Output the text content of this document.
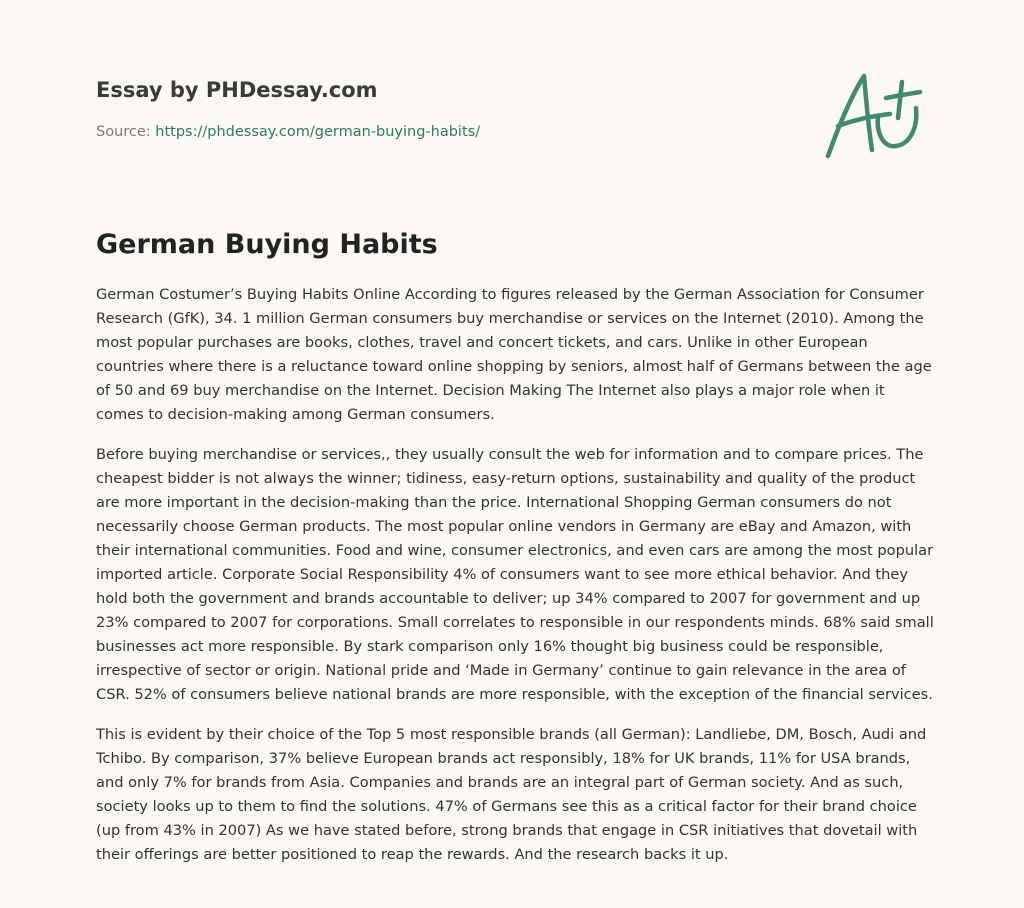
Essay by PHDessay.com

Source: https://phdessay.com/german-buying-habits/
German Buying Habits

German Costumer’s Buying Habits Online According to figures released by the German Association for Consumer Research (GfK), 34. 1 million German consumers buy merchandise or services on the Internet (2010). Among the most popular purchases are books, clothes, travel and concert tickets, and cars. Unlike in other European countries where there is a reluctance toward online shopping by seniors, almost half of Germans between the age of 50 and 69 buy merchandise on the Internet. Decision Making The Internet also plays a major role when it comes to decision-making among German consumers.

Before buying merchandise or services,, they usually consult the web for information and to compare prices. The cheapest bidder is not always the winner; tidiness, easy-return options, sustainability and quality of the product are more important in the decision-making than the price. International Shopping German consumers do not necessarily choose German products. The most popular online vendors in Germany are eBay and Amazon, with their international communities. Food and wine, consumer electronics, and even cars are among the most popular imported article. Corporate Social Responsibility 4% of consumers want to see more ethical behavior. And they hold both the government and brands accountable to deliver; up 34% compared to 2007 for government and up 23% compared to 2007 for corporations. Small correlates to responsible in our respondents minds. 68% said small businesses act more responsible. By stark comparison only 16% thought big business could be responsible, irrespective of sector or origin. National pride and ‘Made in Germany’ continue to gain relevance in the area of CSR. 52% of consumers believe national brands are more responsible, with the exception of the financial services.

This is evident by their choice of the Top 5 most responsible brands (all German): Landliebe, DM, Bosch, Audi and Tchibo. By comparison, 37% believe European brands act responsibly, 18% for UK brands, 11% for USA brands, and only 7% for brands from Asia. Companies and brands are an integral part of German society. And as such, society looks up to them to find the solutions. 47% of Germans see this as a critical factor for their brand choice (up from 43% in 2007) As we have stated before, strong brands that engage in CSR initiatives that dovetail with their offerings are better positioned to reap the rewards. And the research backs it up.
